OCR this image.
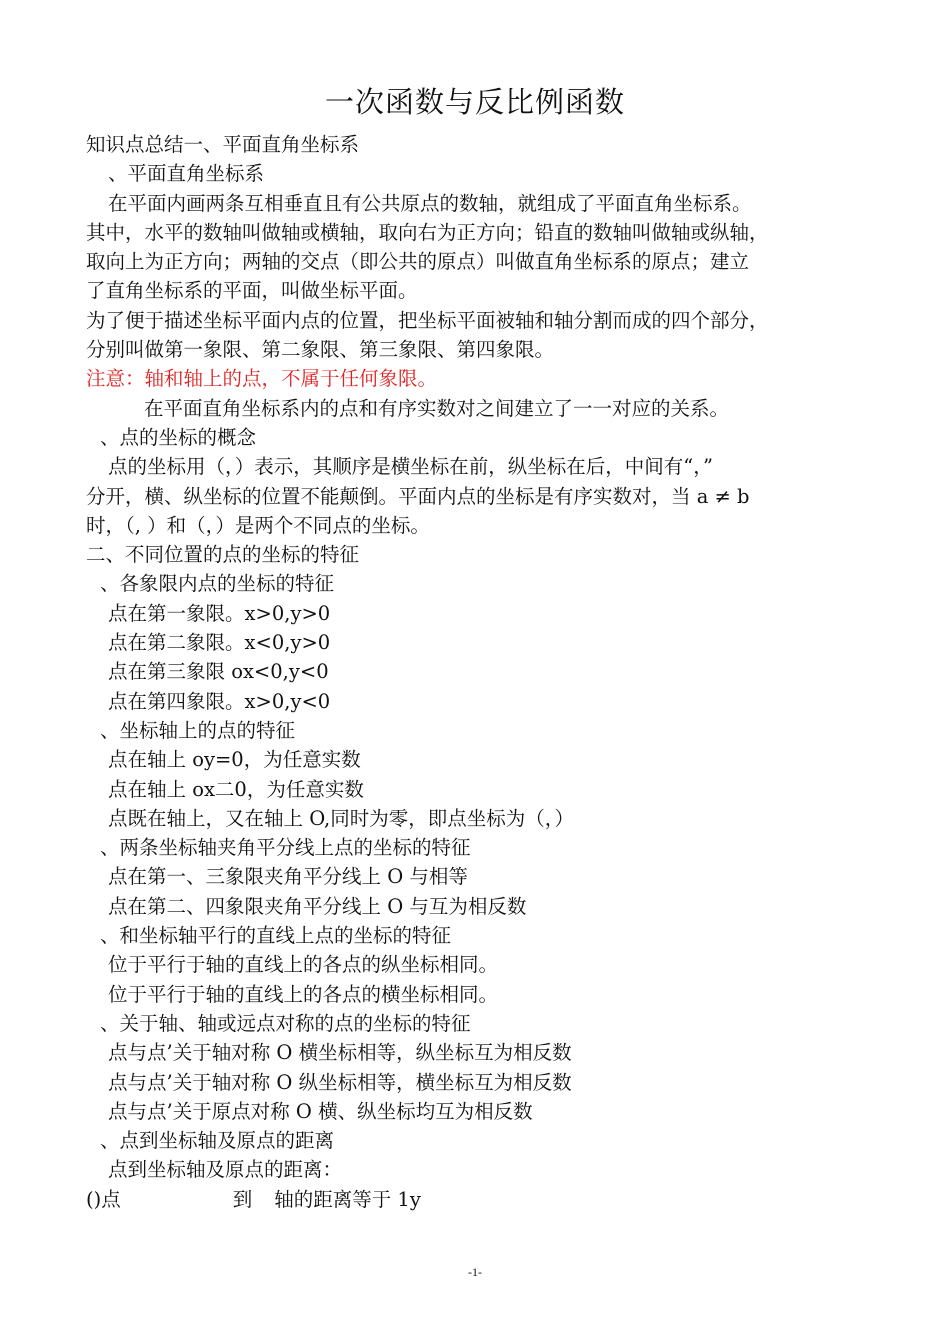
一次函数与反比例函数
知识点总结一、平面直角坐标系
、平面直角坐标系
在平面内画两条互相垂直且有公共原点的数轴，就组成了平面直角坐标系。
其中，水平的数轴叫做轴或横轴，取向右为正方向；铅直的数轴叫做轴或纵轴，
取向上为正方向；两轴的交点（即公共的原点）叫做直角坐标系的原点；建立
了直角坐标系的平面，叫做坐标平面。
为了便于描述坐标平面内点的位置，把坐标平面被轴和轴分割而成的四个部分，
分别叫做第一象限、第二象限、第三象限、第四象限。
注意：轴和轴上的点，不属于任何象限。
在平面直角坐标系内的点和有序实数对之间建立了一一对应的关系。
、点的坐标的概念
点的坐标用（，）表示，其顺序是横坐标在前，纵坐标在后，中间有“，”
分开，横、纵坐标的位置不能颠倒。平面内点的坐标是有序实数对，当 a ≠ b
时，（, ）和（，）是两个不同点的坐标。
二、不同位置的点的坐标的特征
、各象限内点的坐标的特征
点在第一象限。x>0,y>0
点在第二象限。x<0,y>0
点在第三象限 ox<0,y<0
点在第四象限。x>0,y<0
、坐标轴上的点的特征
点在轴上 oy=0，为任意实数
点在轴上 ox二0，为任意实数
点既在轴上，又在轴上 O,同时为零，即点坐标为（，）
、两条坐标轴夹角平分线上点的坐标的特征
点在第一、三象限夹角平分线上 O 与相等
点在第二、四象限夹角平分线上 O 与互为相反数
、和坐标轴平行的直线上点的坐标的特征
位于平行于轴的直线上的各点的纵坐标相同。
位于平行于轴的直线上的各点的横坐标相同。
、关于轴、轴或远点对称的点的坐标的特征
点与点’关于轴对称 O 横坐标相等，纵坐标互为相反数
点与点’关于轴对称 O 纵坐标相等，横坐标互为相反数
点与点’关于原点对称 O 横、纵坐标均互为相反数
、点到坐标轴及原点的距离
点到坐标轴及原点的距离：
()点	到 轴的距离等于 1y
-1-
